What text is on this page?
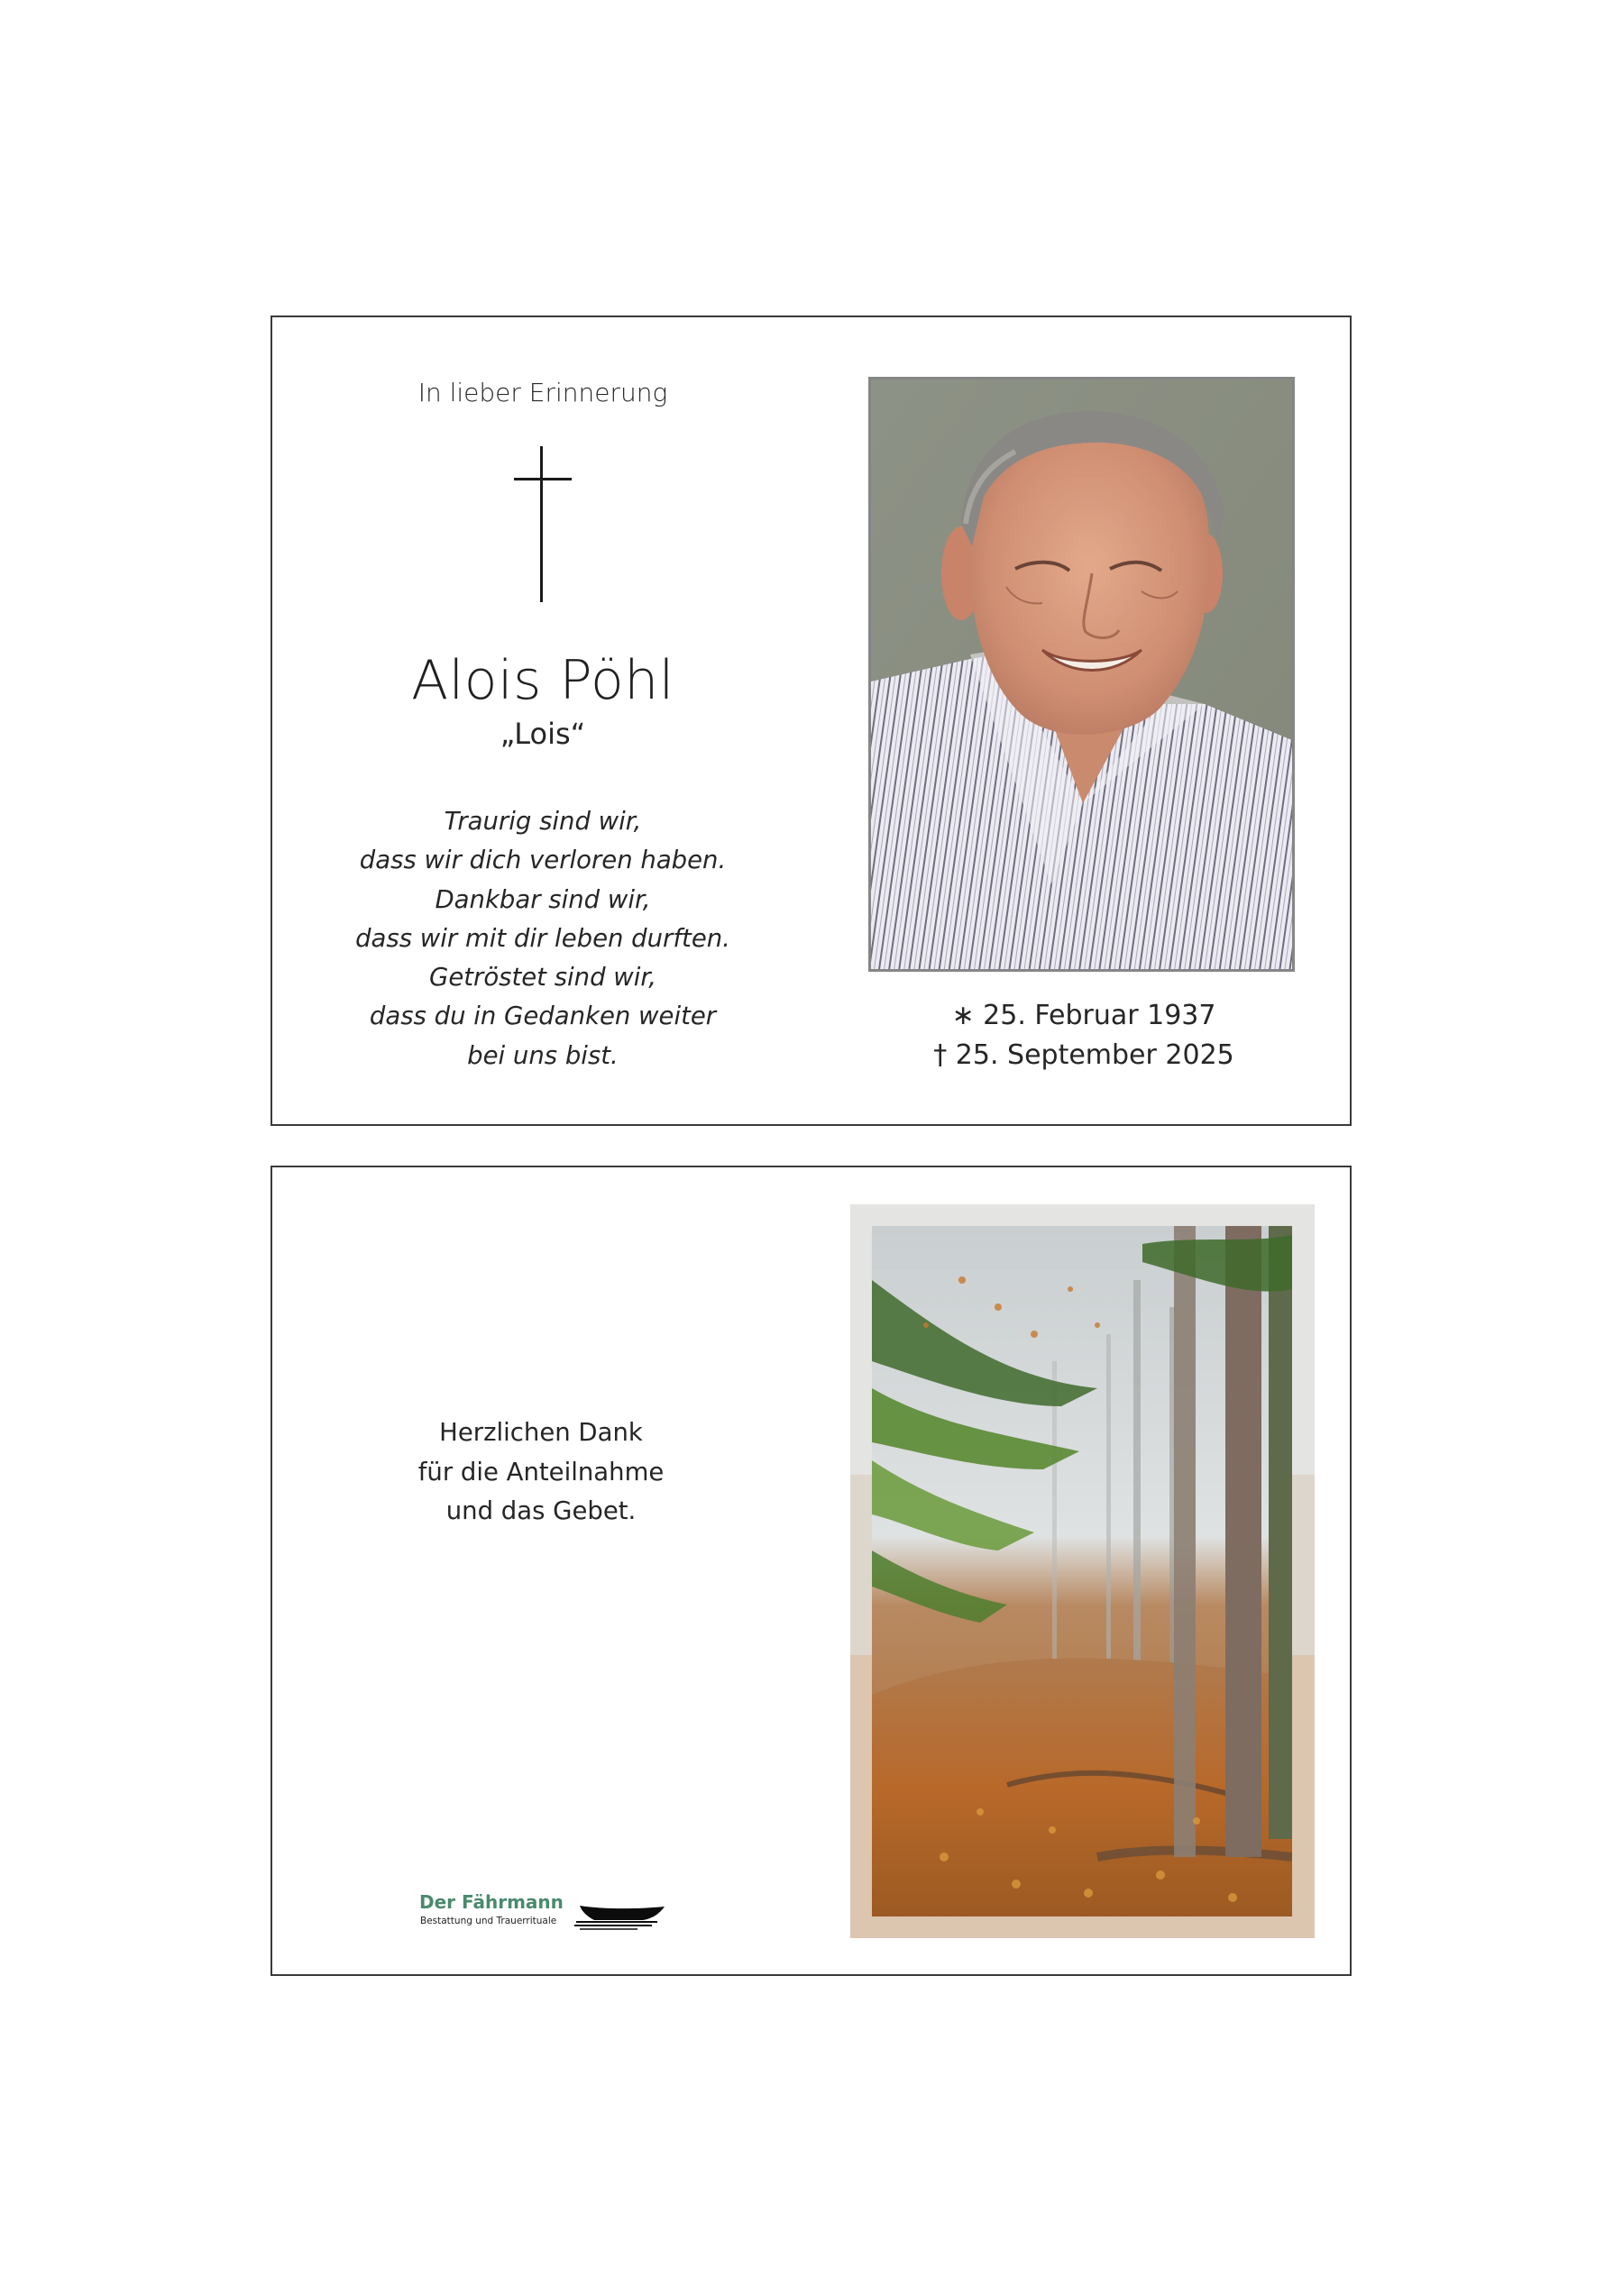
In lieber Erinnerung
Alois Pöhl
„Lois“
Traurig sind wir,
dass wir dich verloren haben.
Dankbar sind wir,
dass wir mit dir leben durften.
Getröstet sind wir,
dass du in Gedanken weiter
bei uns bist.
∗ 25. Februar 1937
† 25. September 2025
Herzlichen Dank
für die Anteilnahme
und das Gebet.
Der Fährmann
Bestattung und Trauerrituale
